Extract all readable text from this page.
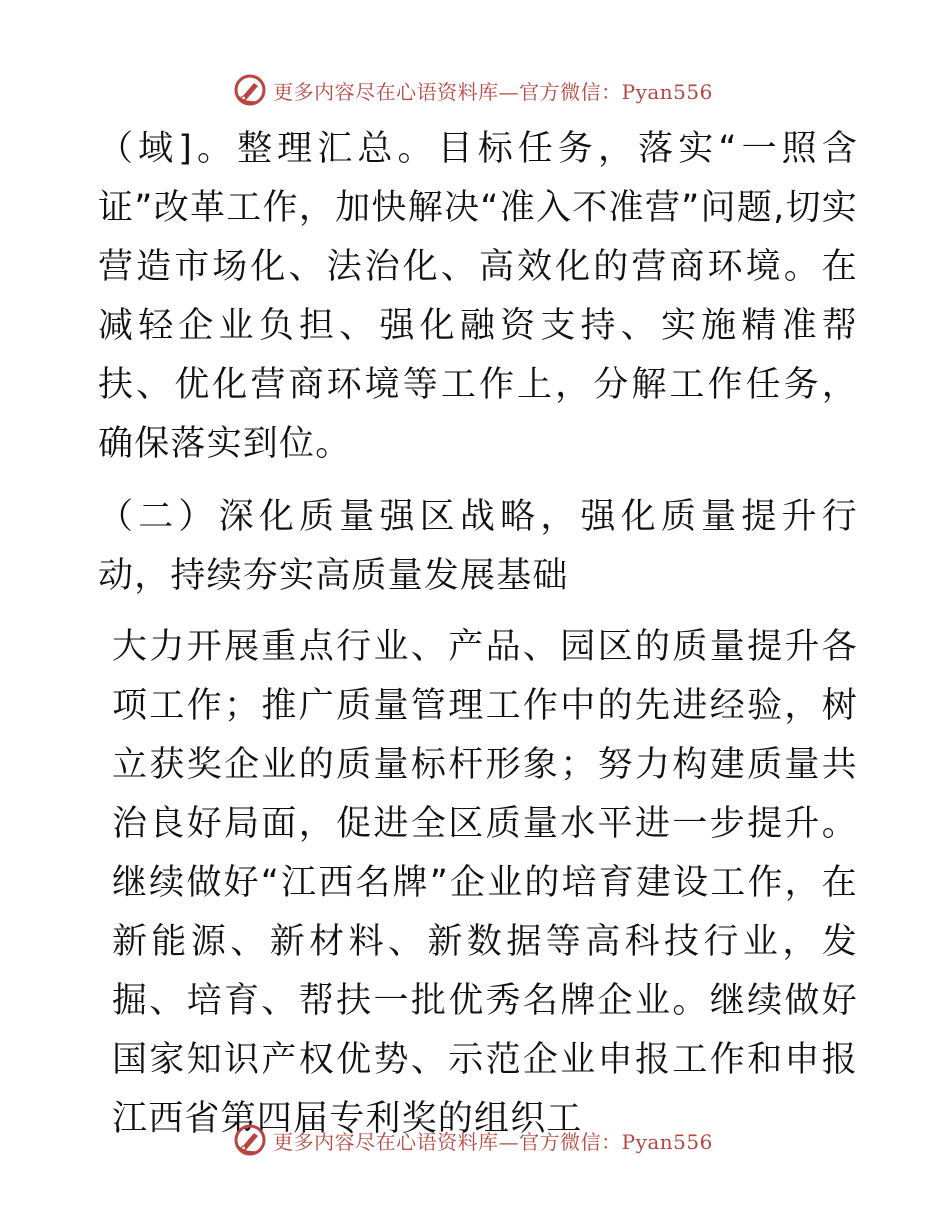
更多内容尽在心语资料库—官方微信：Pyan556

（域]。整理汇总。目标任务，落实“一照含证”改革工作，加快解决“准入不准营”问题,切实营造市场化、法治化、高效化的营商环境。在减轻企业负担、强化融资支持、实施精准帮扶、优化营商环境等工作上，分解工作任务，确保落实到位。

（二）深化质量强区战略，强化质量提升行动，持续夯实高质量发展基础

大力开展重点行业、产品、园区的质量提升各项工作；推广质量管理工作中的先进经验，树立获奖企业的质量标杆形象；努力构建质量共治良好局面，促进全区质量水平进一步提升。继续做好“江西名牌”企业的培育建设工作，在新能源、新材料、新数据等高科技行业，发掘、培育、帮扶一批优秀名牌企业。继续做好国家知识产权优势、示范企业申报工作和申报江西省第四届专利奖的组织工

更多内容尽在心语资料库—官方微信：Pyan556
